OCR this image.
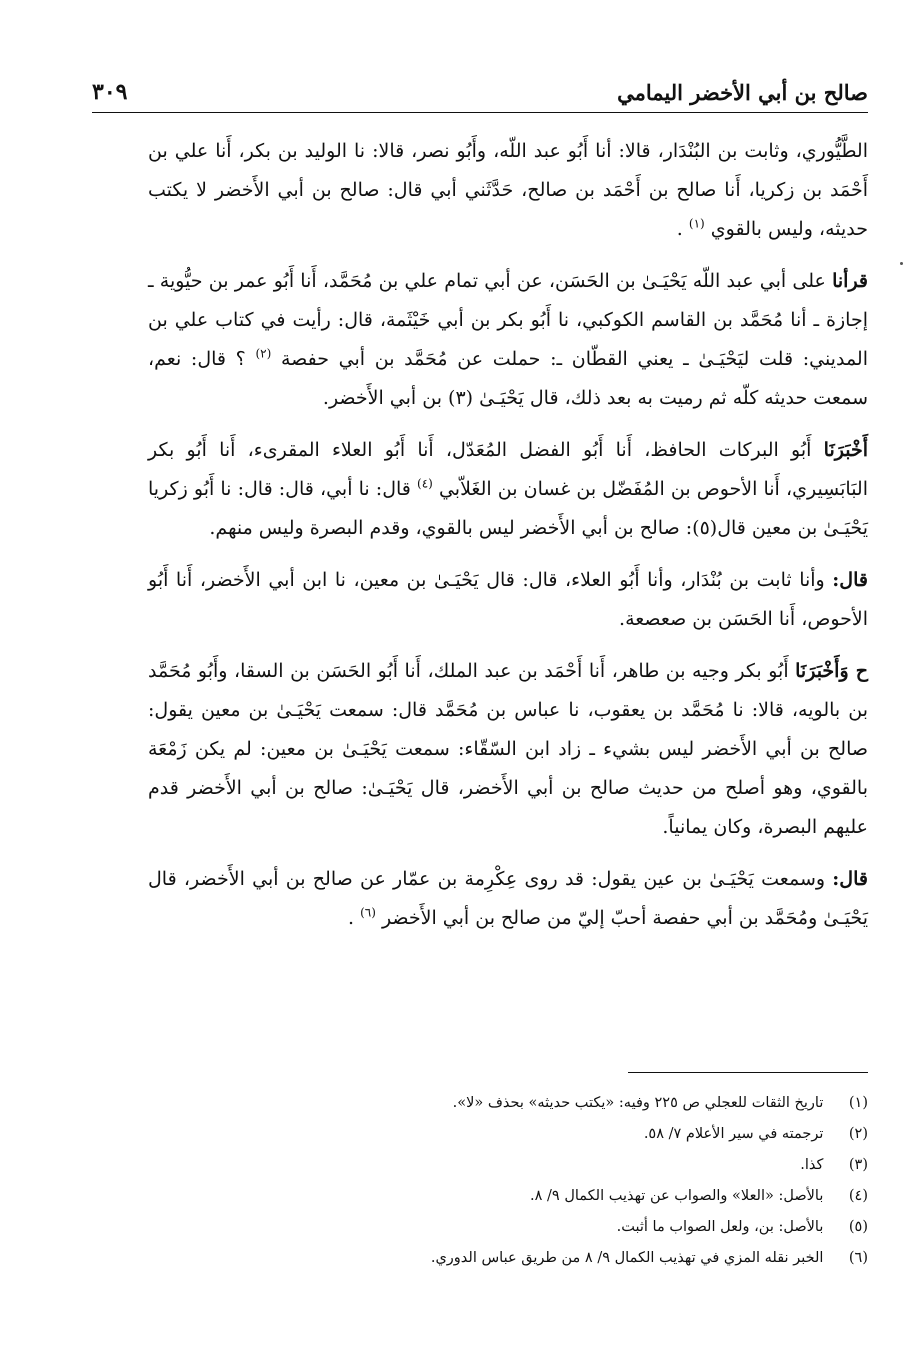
صالح بن أبي الأخضر اليمامي
٣٠٩

الطَّيُّوري، وثابت بن البُنْدَار، قالا: أنا أَبُو عبد اللّه، وأَبُو نصر، قالا: نا الوليد بن بكر، أَنا علي بن أَحْمَد بن زكريا، أَنا صالح بن أَحْمَد بن صالح، حَدَّثَني أبي قال: صالح بن أبي الأَخضر لا يكتب حديثه، وليس بالقوي $^{(١)}$ .

قرأنا على أبي عبد اللّه يَحْيَـىٰ بن الحَسَن، عن أبي تمام علي بن مُحَمَّد، أَنا أَبُو عمر بن حيُّوية ـ إجازة ـ أنا مُحَمَّد بن القاسم الكوكبي، نا أَبُو بكر بن أبي خَيْثَمة، قال: رأيت في كتاب علي بن المديني: قلت ليَحْيَـىٰ ـ يعني القطّان ـ: حملت عن مُحَمَّد بن أبي حفصة $^{(٢)}$ ؟ قال: نعم، سمعت حديثه كلّه ثم رميت به بعد ذلك، قال يَحْيَـىٰ (٣) بن أبي الأَخضر.

أَخْبَرَنَا أَبُو البركات الحافظ، أَنا أَبُو الفضل المُعَدّل، أَنا أَبُو العلاء المقرىء، أَنا أَبُو بكر البَابَسِيري، أَنا الأحوص بن المُفَضّل بن غسان بن الغَلاّبي $^{(٤)}$ قال: نا أبي، قال: قال: نا أَبُو زكريا يَحْيَـىٰ بن معين قال(٥): صالح بن أبي الأَخضر ليس بالقوي، وقدم البصرة وليس منهم.

قال: وأنا ثابت بن بُنْدَار، وأنا أَبُو العلاء، قال: قال يَحْيَـىٰ بن معين، نا ابن أبي الأَخضر، أَنا أَبُو الأحوص، أَنا الحَسَن بن صعصعة.

ح وَأَخْبَرَنَا أَبُو بكر وجيه بن طاهر، أَنا أَحْمَد بن عبد الملك، أَنا أَبُو الحَسَن بن السقا، وأَبُو مُحَمَّد بن بالويه، قالا: نا مُحَمَّد بن يعقوب، نا عباس بن مُحَمَّد قال: سمعت يَحْيَـىٰ بن معين يقول: صالح بن أبي الأَخضر ليس بشيء ـ زاد ابن السّقّاء: سمعت يَحْيَـىٰ بن معين: لم يكن زَمْعَة بالقوي، وهو أصلح من حديث صالح بن أبي الأَخضر، قال يَحْيَـىٰ: صالح بن أبي الأَخضر قدم عليهم البصرة، وكان يمانياً.

قال: وسمعت يَحْيَـىٰ بن عين يقول: قد روى عِكْرِمة بن عمّار عن صالح بن أبي الأَخضر، قال يَحْيَـىٰ ومُحَمَّد بن أبي حفصة أحبّ إليّ من صالح بن أبي الأَخضر $^{(٦)}$ .

(١) تاريخ الثقات للعجلي ص ٢٢٥ وفيه: «يكتب حديثه» بحذف «لا».
(٢) ترجمته في سير الأعلام ٧/ ٥٨.
(٣) كذا.
(٤) بالأصل: «العلا» والصواب عن تهذيب الكمال ٩/ ٨.
(٥) بالأصل: بن، ولعل الصواب ما أثبت.
(٦) الخبر نقله المزي في تهذيب الكمال ٩/ ٨ من طريق عباس الدوري.
